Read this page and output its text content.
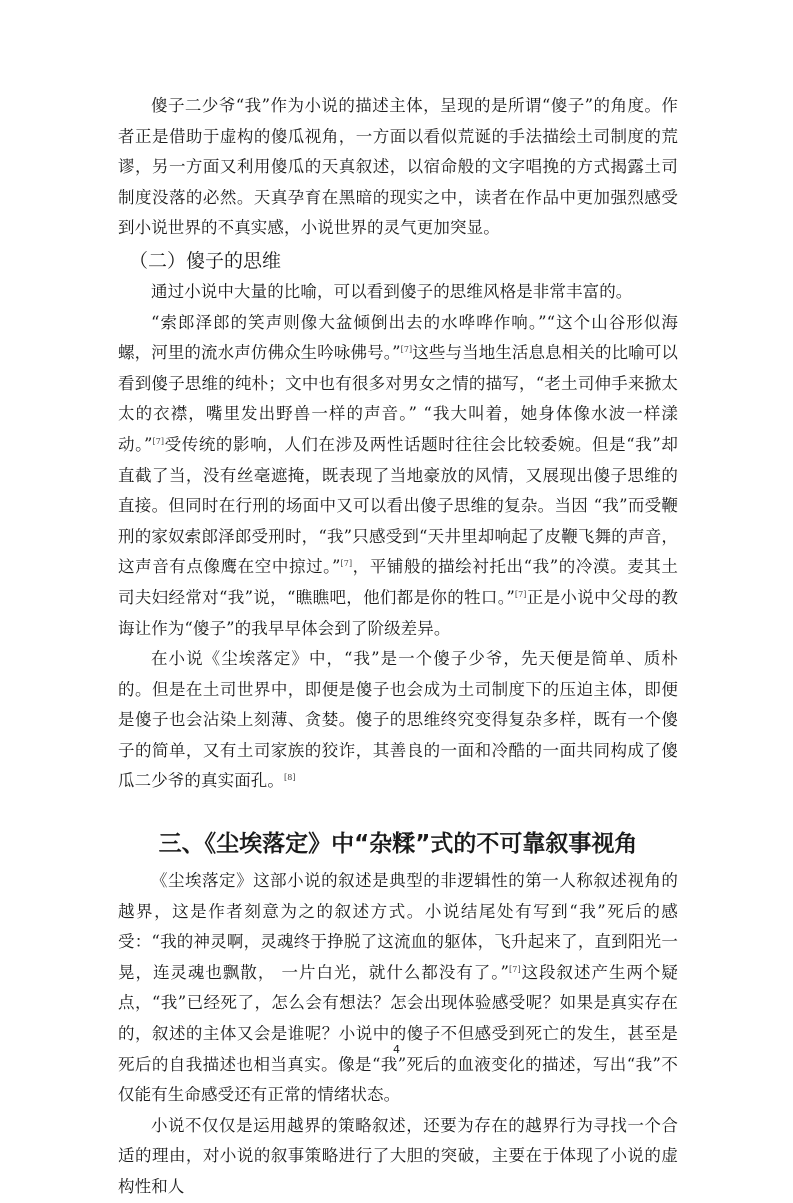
傻子二少爷“我”作为小说的描述主体，呈现的是所谓“傻子”的角度。作者正是借助于虚构的傻瓜视角，一方面以看似荒诞的手法描绘土司制度的荒谬，另一方面又利用傻瓜的天真叙述，以宿命般的文字唱挽的方式揭露土司制度没落的必然。天真孕育在黑暗的现实之中，读者在作品中更加强烈感受到小说世界的不真实感，小说世界的灵气更加突显。

（二）傻子的思维

通过小说中大量的比喻，可以看到傻子的思维风格是非常丰富的。

“索郎泽郎的笑声则像大盆倾倒出去的水哗哗作响。”“这个山谷形似海螺，河里的流水声仿佛众生吟咏佛号。”[7]这些与当地生活息息相关的比喻可以看到傻子思维的纯朴；文中也有很多对男女之情的描写，“老土司伸手来掀太太的衣襟，嘴里发出野兽一样的声音。” “我大叫着，她身体像水波一样漾动。”[7]受传统的影响，人们在涉及两性话题时往往会比较委婉。但是“我”却直截了当，没有丝毫遮掩，既表现了当地豪放的风情，又展现出傻子思维的直接。但同时在行刑的场面中又可以看出傻子思维的复杂。当因 “我”而受鞭刑的家奴索郎泽郎受刑时，“我”只感受到“天井里却响起了皮鞭飞舞的声音，这声音有点像鹰在空中掠过。”[7]，平铺般的描绘衬托出“我”的冷漠。麦其土司夫妇经常对“我”说，“瞧瞧吧，他们都是你的牲口。”[7]正是小说中父母的教诲让作为“傻子”的我早早体会到了阶级差异。

在小说《尘埃落定》中，“我”是一个傻子少爷，先天便是简单、质朴的。但是在土司世界中，即便是傻子也会成为土司制度下的压迫主体，即便是傻子也会沾染上刻薄、贪婪。傻子的思维终究变得复杂多样，既有一个傻子的简单，又有土司家族的狡诈，其善良的一面和冷酷的一面共同构成了傻瓜二少爷的真实面孔。[8]

三、《尘埃落定》中“杂糅”式的不可靠叙事视角

《尘埃落定》这部小说的叙述是典型的非逻辑性的第一人称叙述视角的越界，这是作者刻意为之的叙述方式。小说结尾处有写到“我”死后的感受：“我的神灵啊，灵魂终于挣脱了这流血的躯体，飞升起来了，直到阳光一晃，连灵魂也飘散， 一片白光，就什么都没有了。”[7]这段叙述产生两个疑点，“我”已经死了，怎么会有想法？怎会出现体验感受呢？如果是真实存在的，叙述的主体又会是谁呢？小说中的傻子不但感受到死亡的发生，甚至是死后的自我描述也相当真实。像是“我”死后的血液变化的描述，写出“我”不仅能有生命感受还有正常的情绪状态。

小说不仅仅是运用越界的策略叙述，还要为存在的越界行为寻找一个合适的理由，对小说的叙事策略进行了大胆的突破，主要在于体现了小说的虚构性和人

4
